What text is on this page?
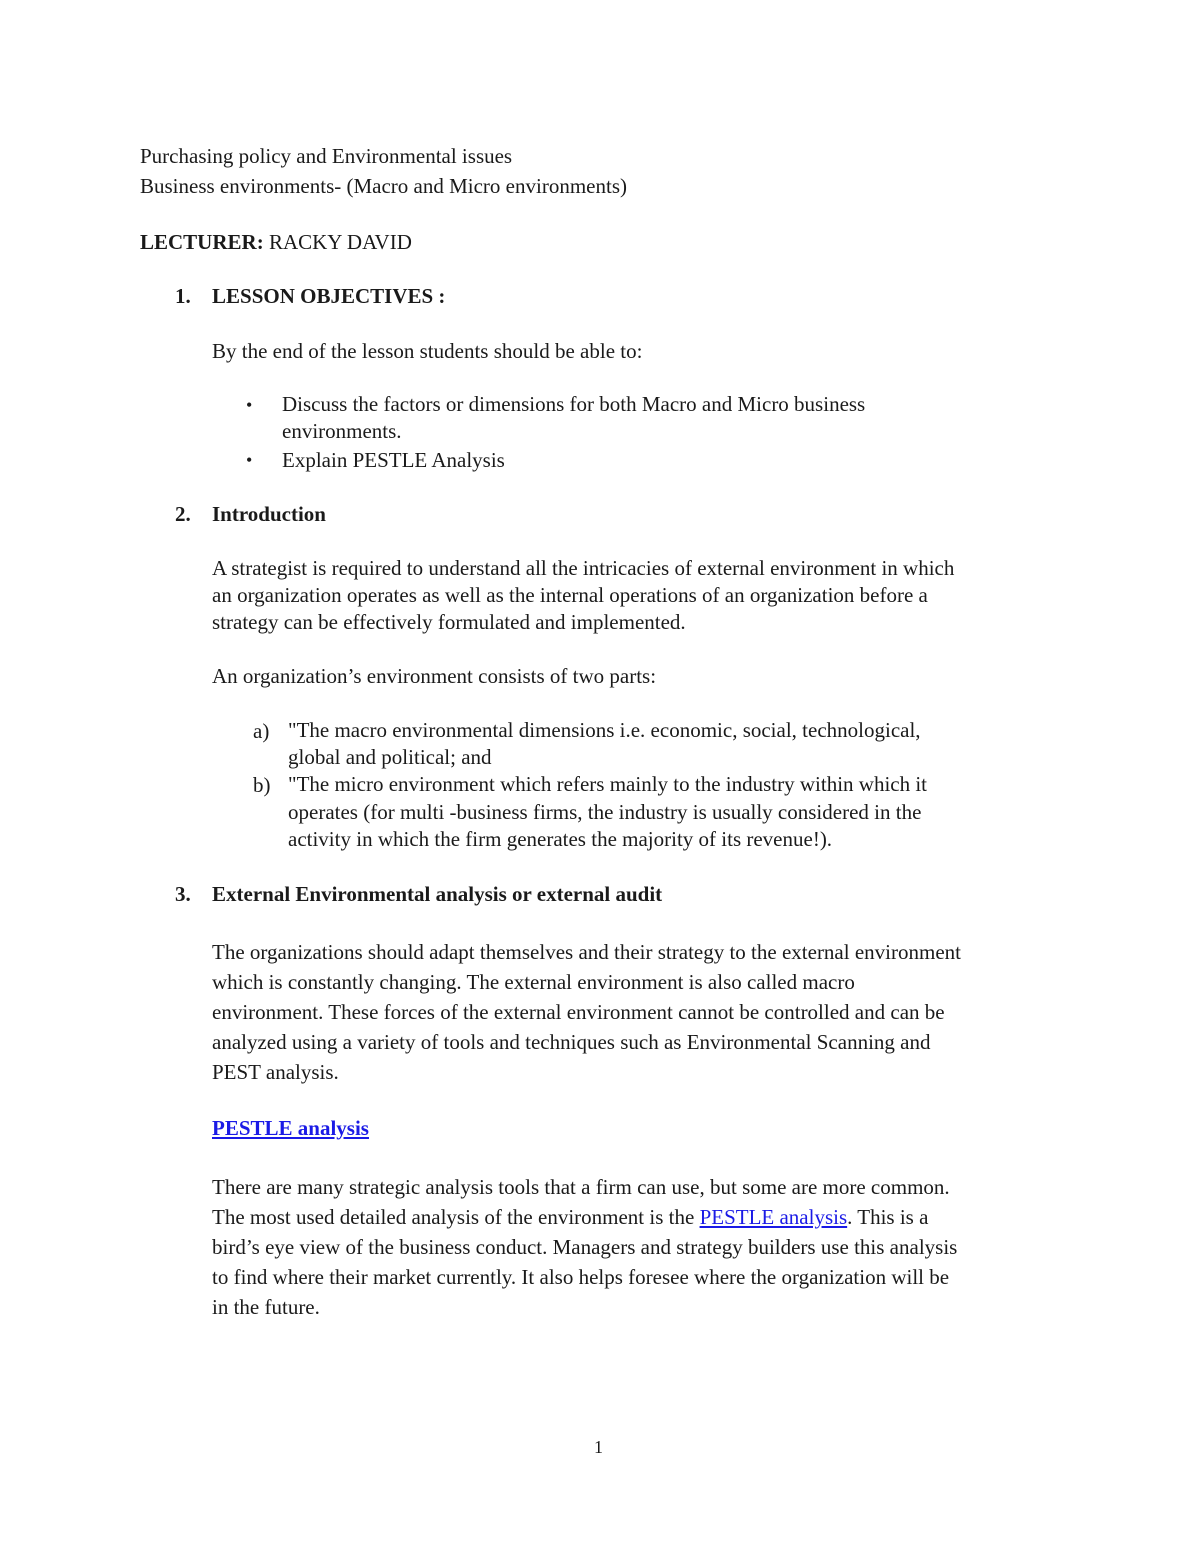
Purchasing policy and Environmental issues
Business environments- (Macro and Micro environments)
LECTURER: RACKY DAVID
1. LESSON OBJECTIVES :
By the end of the lesson students should be able to:
• Discuss the factors or dimensions for both Macro and Micro business
environments.
• Explain PESTLE Analysis
2. Introduction
A strategist is required to understand all the intricacies of external environment in which
an organization operates as well as the internal operations of an organization before a
strategy can be effectively formulated and implemented.
An organization’s environment consists of two parts:
a) "The macro environmental dimensions i.e. economic, social, technological,
global and political; and
b) "The micro environment which refers mainly to the industry within which it
operates (for multi -business firms, the industry is usually considered in the
activity in which the firm generates the majority of its revenue!).
3. External Environmental analysis or external audit
The organizations should adapt themselves and their strategy to the external environment
which is constantly changing. The external environment is also called macro
environment. These forces of the external environment cannot be controlled and can be
analyzed using a variety of tools and techniques such as Environmental Scanning and
PEST analysis.
PESTLE analysis
There are many strategic analysis tools that a firm can use, but some are more common.
The most used detailed analysis of the environment is the PESTLE analysis. This is a
bird’s eye view of the business conduct. Managers and strategy builders use this analysis
to find where their market currently. It also helps foresee where the organization will be
in the future.
1
